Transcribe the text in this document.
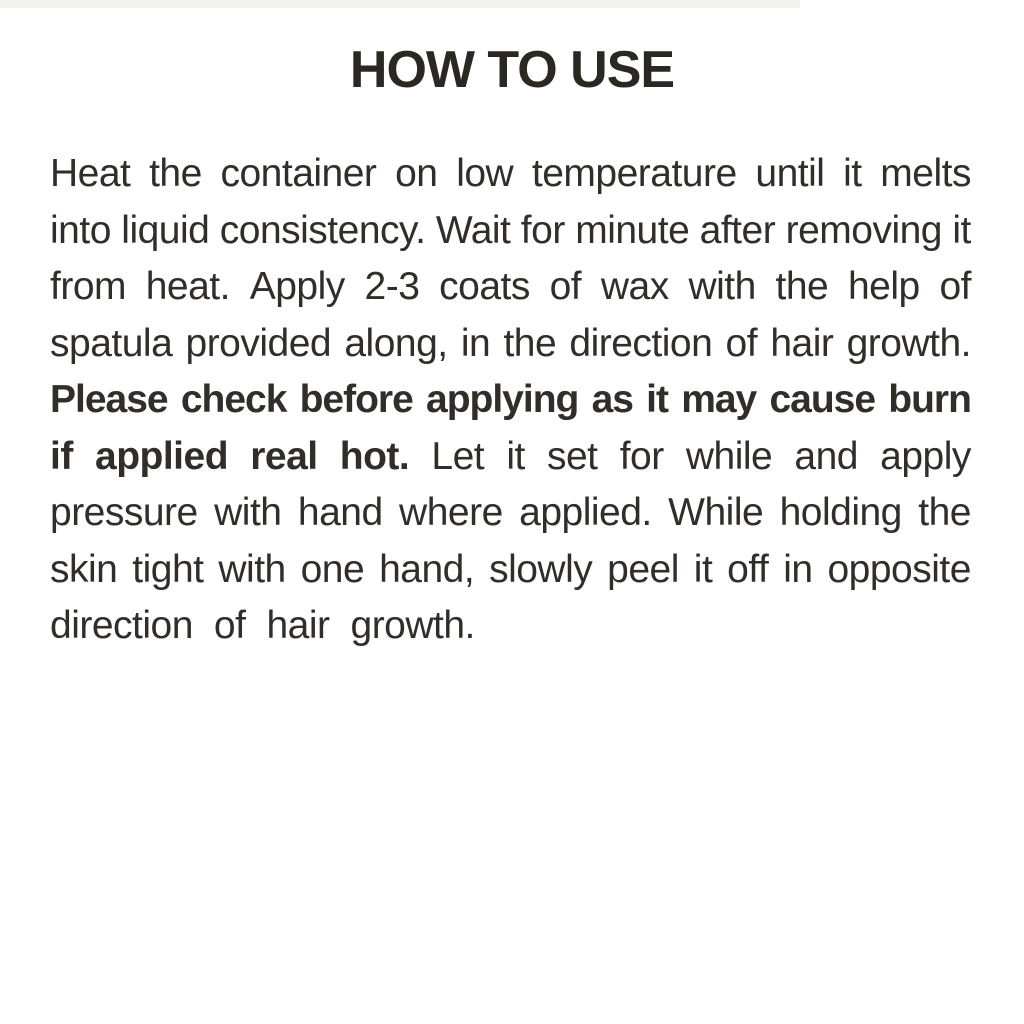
HOW TO USE
Heat the container on low temperature until it melts
into liquid consistency. Wait for minute after removing it
from heat. Apply 2-3 coats of wax with the help of
spatula provided along, in the direction of hair growth.
Please check before applying as it may cause burn
if applied real hot. Let it set for while and apply
pressure with hand where applied. While holding the
skin tight with one hand, slowly peel it off in opposite
direction of hair growth.
